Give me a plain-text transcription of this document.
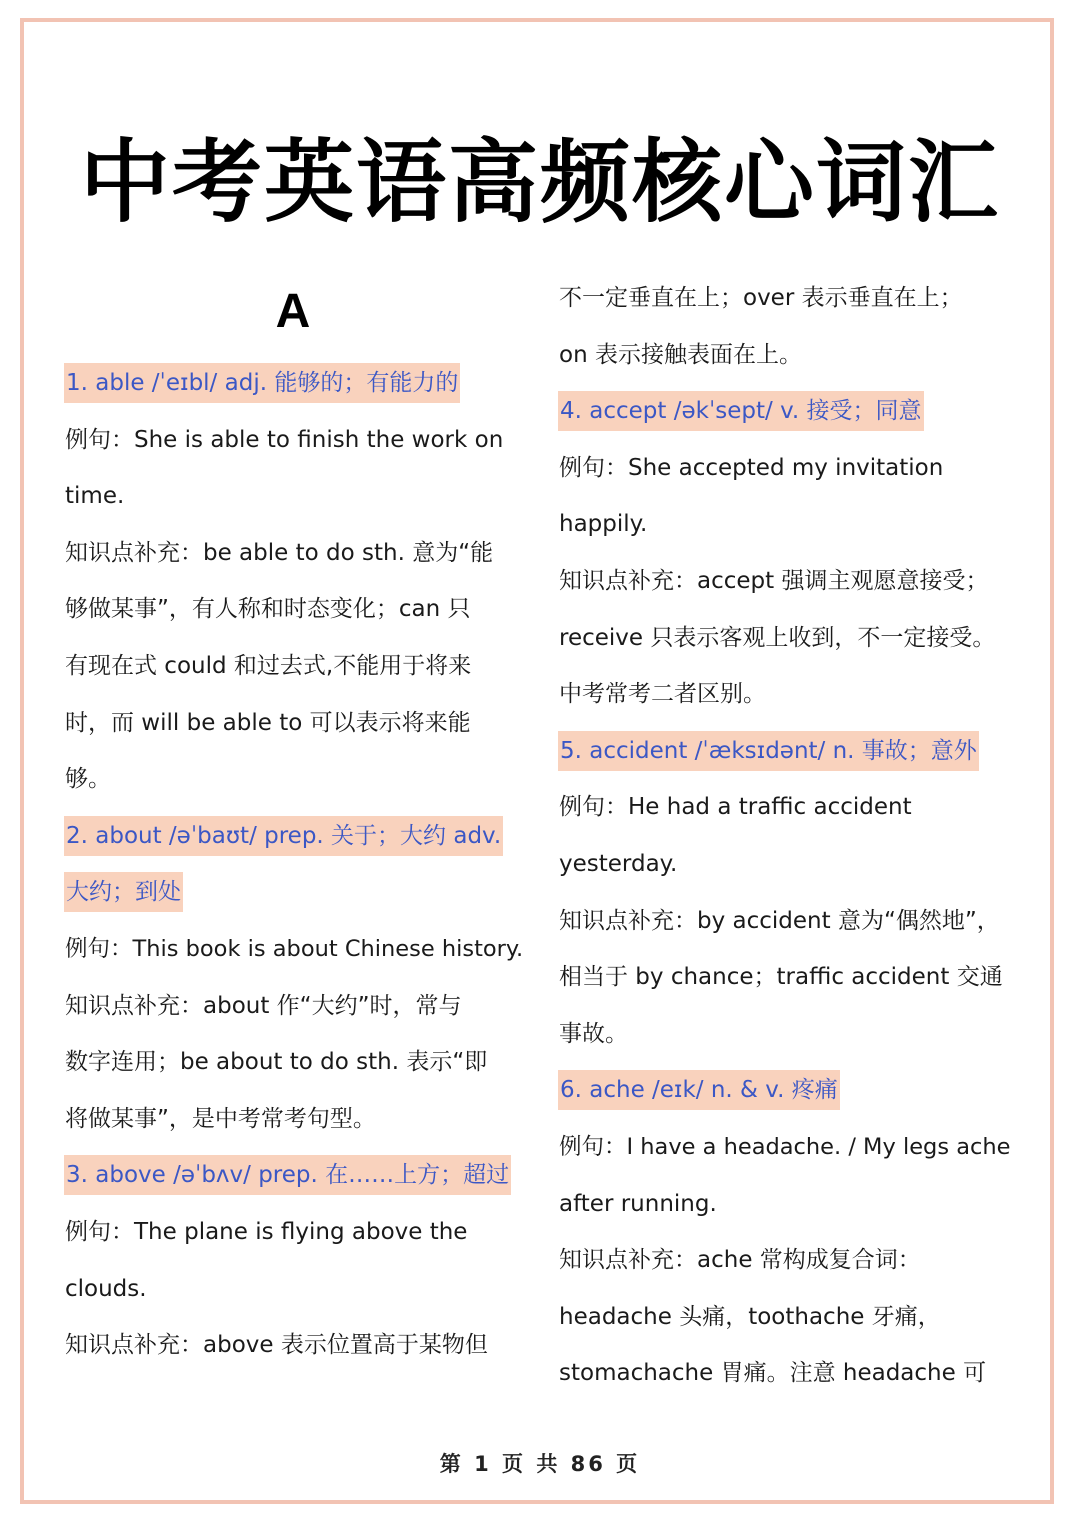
中考英语高频核心词汇
A
1. able /ˈeɪbl/ adj. 能够的；有能力的
例句：She is able to finish the work on
time.
知识点补充：be able to do sth. 意为“能
够做某事”，有人称和时态变化；can 只
有现在式 could 和过去式,不能用于将来
时，而 will be able to 可以表示将来能
够。
2. about /əˈbaʊt/ prep. 关于；大约 adv.
大约；到处
例句：This book is about Chinese history.
知识点补充：about 作“大约”时，常与
数字连用；be about to do sth. 表示“即
将做某事”，是中考常考句型。
3. above /əˈbʌv/ prep. 在……上方；超过
例句：The plane is flying above the
clouds.
知识点补充：above 表示位置高于某物但
不一定垂直在上；over 表示垂直在上；
on 表示接触表面在上。
4. accept /əkˈsept/ v. 接受；同意
例句：She accepted my invitation
happily.
知识点补充：accept 强调主观愿意接受；
receive 只表示客观上收到，不一定接受。
中考常考二者区别。
5. accident /ˈæksɪdənt/ n. 事故；意外
例句：He had a traffic accident
yesterday.
知识点补充：by accident 意为“偶然地”，
相当于 by chance；traffic accident 交通
事故。
6. ache /eɪk/ n. & v. 疼痛
例句：I have a headache. / My legs ache
after running.
知识点补充：ache 常构成复合词：
headache 头痛，toothache 牙痛，
stomachache 胃痛。注意 headache 可
第 1 页 共 86 页
